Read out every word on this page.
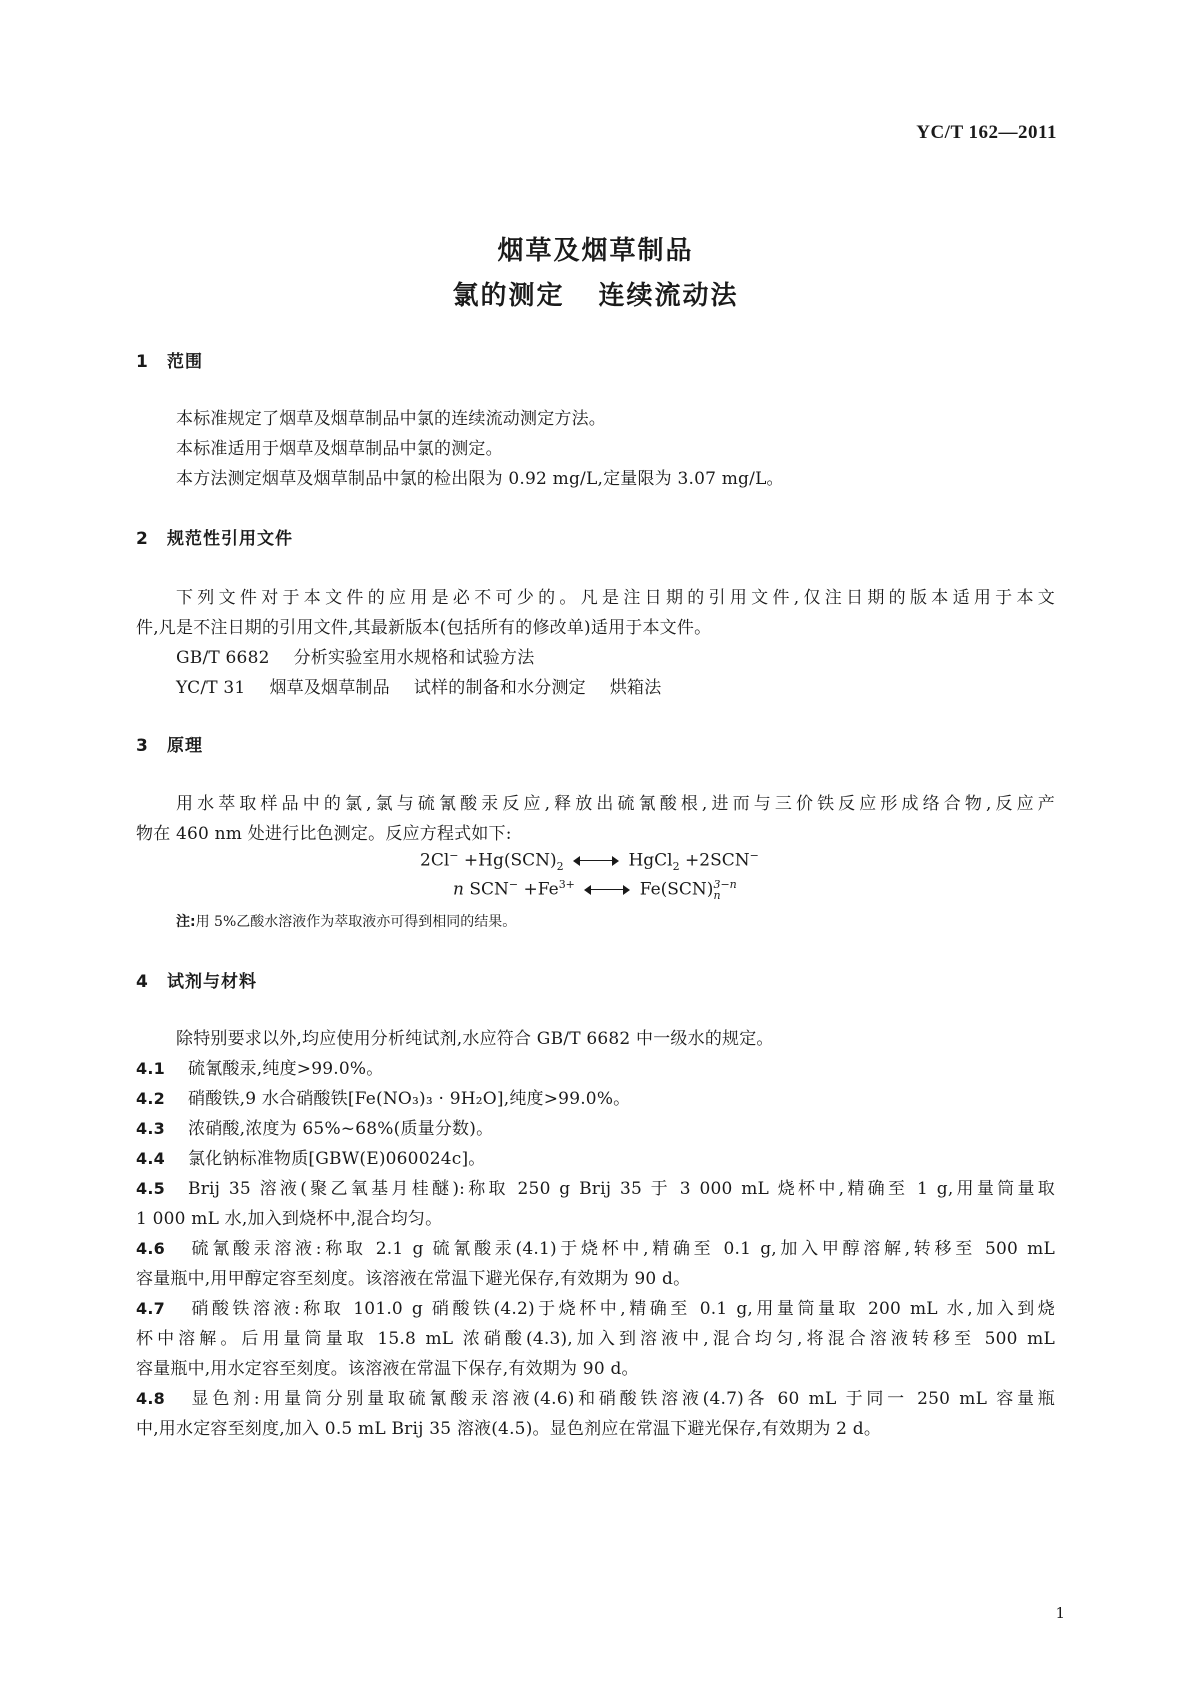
YC/T 162—2011
烟草及烟草制品
氯的测定 连续流动法
1 范围
本标准规定了烟草及烟草制品中氯的连续流动测定方法。
本标准适用于烟草及烟草制品中氯的测定。
本方法测定烟草及烟草制品中氯的检出限为 0.92 mg/L,定量限为 3.07 mg/L。
2 规范性引用文件
下列文件对于本文件的应用是必不可少的。凡是注日期的引用文件,仅注日期的版本适用于本文
件,凡是不注日期的引用文件,其最新版本(包括所有的修改单)适用于本文件。
GB/T 6682 分析实验室用水规格和试验方法
YC/T 31 烟草及烟草制品 试样的制备和水分测定 烘箱法
3 原理
用水萃取样品中的氯,氯与硫氰酸汞反应,释放出硫氰酸根,进而与三价铁反应形成络合物,反应产
物在 460 nm 处进行比色测定。反应方程式如下:
$2Cl^- +Hg(SCN)_2$	HgCl$_2$ +2SCN−
n $SCN^- +Fe^{3+}$	Fe(SCN) 3−n
n
注:用 5%乙酸水溶液作为萃取液亦可得到相同的结果。
4 试剂与材料
除特别要求以外,均应使用分析纯试剂,水应符合 GB/T 6682 中一级水的规定。
4.1 硫氰酸汞,纯度>99.0%。
4.2 硝酸铁,9 水合硝酸铁[Fe(NO₃)₃ · 9H₂O],纯度>99.0%。
4.3 浓硝酸,浓度为 65%~68%(质量分数)。
4.4 氯化钠标准物质[GBW(E)060024c]。
4.5 Brij 35 溶液(聚乙氧基月桂醚):称取 250 g Brij 35 于 3 000 mL 烧杯中,精确至 1 g,用量筒量取
1 000 mL 水,加入到烧杯中,混合均匀。
4.6 硫氰酸汞溶液:称取 2.1 g 硫氰酸汞(4.1)于烧杯中,精确至 0.1 g,加入甲醇溶解,转移至 500 mL
容量瓶中,用甲醇定容至刻度。该溶液在常温下避光保存,有效期为 90 d。
4.7 硝酸铁溶液:称取 101.0 g 硝酸铁(4.2)于烧杯中,精确至 0.1 g,用量筒量取 200 mL 水,加入到烧
杯中溶解。后用量筒量取 15.8 mL 浓硝酸(4.3),加入到溶液中,混合均匀,将混合溶液转移至 500 mL
容量瓶中,用水定容至刻度。该溶液在常温下保存,有效期为 90 d。
4.8 显色剂:用量筒分别量取硫氰酸汞溶液(4.6)和硝酸铁溶液(4.7)各 60 mL 于同一 250 mL 容量瓶
中,用水定容至刻度,加入 0.5 mL Brij 35 溶液(4.5)。显色剂应在常温下避光保存,有效期为 2 d。
1
